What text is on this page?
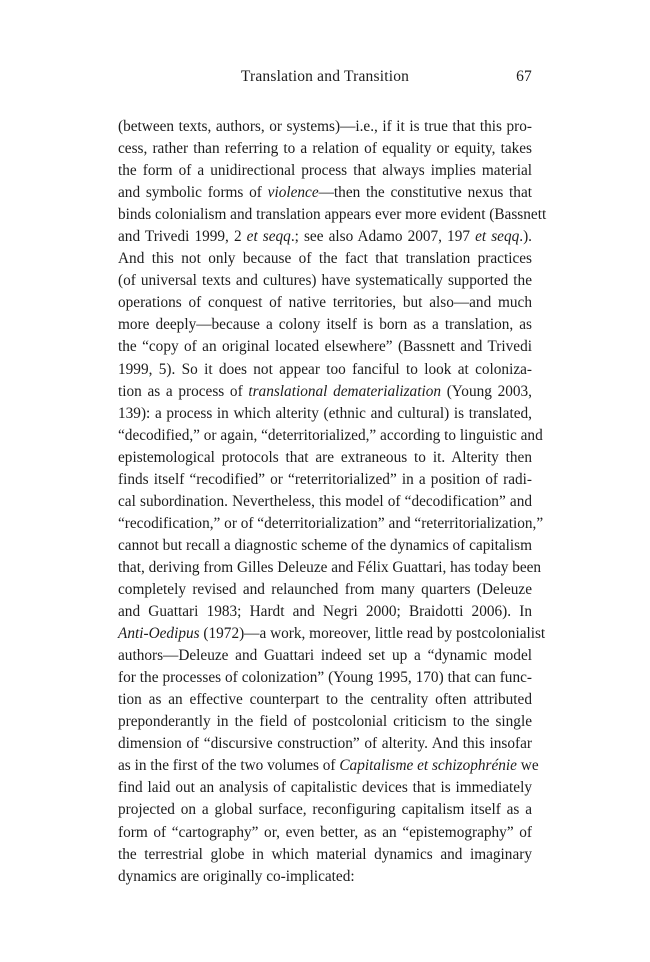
Translation and Transition	67
(between texts, authors, or systems)—i.e., if it is true that this pro-
cess, rather than referring to a relation of equality or equity, takes
the form of a unidirectional process that always implies material
and symbolic forms of violence—then the constitutive nexus that
binds colonialism and translation appears ever more evident (Bassnett
and Trivedi 1999, 2 et seqq.; see also Adamo 2007, 197 et seqq.).
And this not only because of the fact that translation practices
(of universal texts and cultures) have systematically supported the
operations of conquest of native territories, but also—and much
more deeply—because a colony itself is born as a translation, as
the “copy of an original located elsewhere” (Bassnett and Trivedi
1999, 5). So it does not appear too fanciful to look at coloniza-
tion as a process of translational dematerialization (Young 2003,
139): a process in which alterity (ethnic and cultural) is translated,
“decodified,” or again, “deterritorialized,” according to linguistic and
epistemological protocols that are extraneous to it. Alterity then
finds itself “recodified” or “reterritorialized” in a position of radi-
cal subordination. Nevertheless, this model of “decodification” and
“recodification,” or of “deterritorialization” and “reterritorialization,”
cannot but recall a diagnostic scheme of the dynamics of capitalism
that, deriving from Gilles Deleuze and Félix Guattari, has today been
completely revised and relaunched from many quarters (Deleuze
and Guattari 1983; Hardt and Negri 2000; Braidotti 2006). In
Anti-Oedipus (1972)—a work, moreover, little read by postcolonialist
authors—Deleuze and Guattari indeed set up a “dynamic model
for the processes of colonization” (Young 1995, 170) that can func-
tion as an effective counterpart to the centrality often attributed
preponderantly in the field of postcolonial criticism to the single
dimension of “discursive construction” of alterity. And this insofar
as in the first of the two volumes of Capitalisme et schizophrénie we
find laid out an analysis of capitalistic devices that is immediately
projected on a global surface, reconfiguring capitalism itself as a
form of “cartography” or, even better, as an “epistemography” of
the terrestrial globe in which material dynamics and imaginary
dynamics are originally co-implicated:
